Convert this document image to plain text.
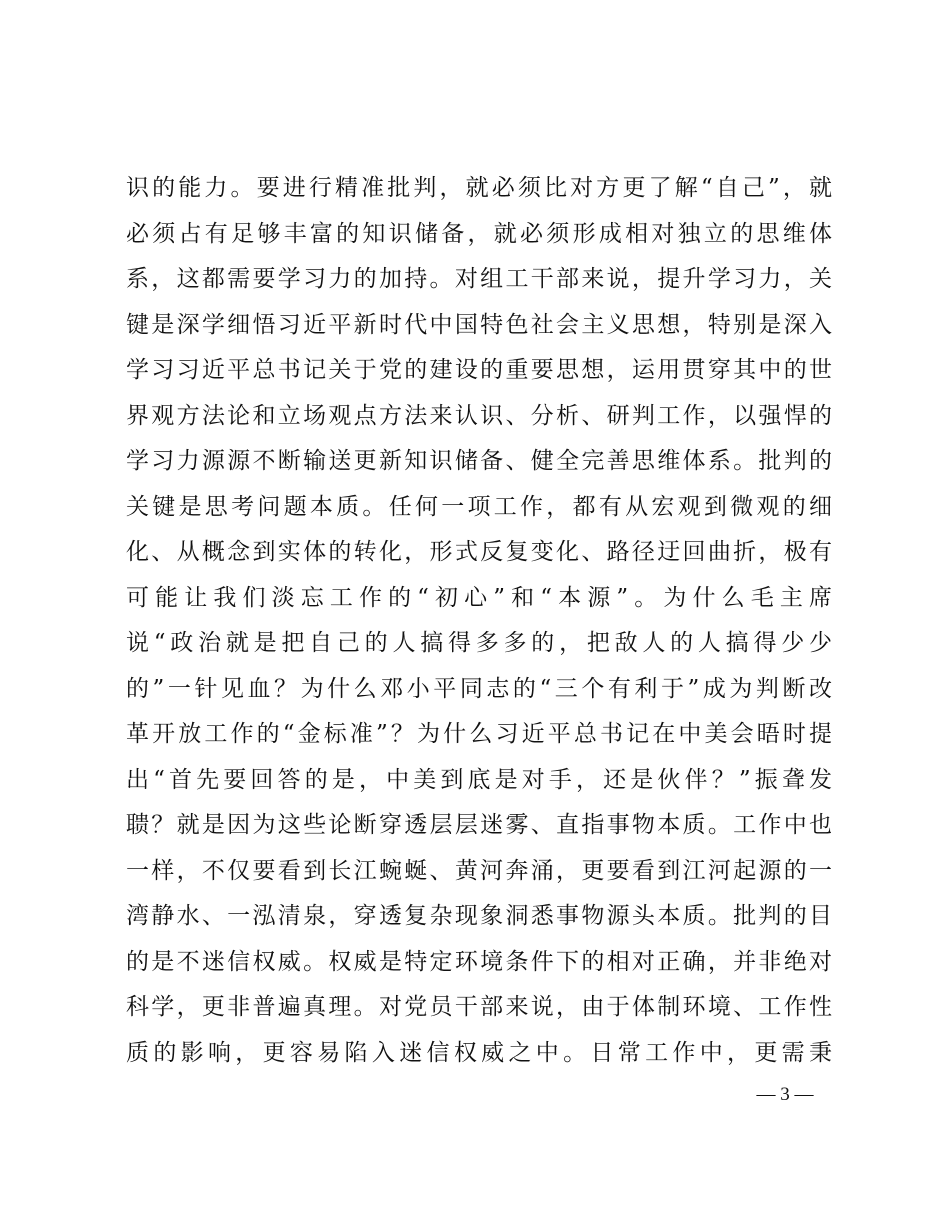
识的能力。要进行精准批判，就必须比对方更了解“自己”，就
必须占有足够丰富的知识储备，就必须形成相对独立的思维体
系，这都需要学习力的加持。对组工干部来说，提升学习力，关
键是深学细悟习近平新时代中国特色社会主义思想，特别是深入
学习习近平总书记关于党的建设的重要思想，运用贯穿其中的世
界观方法论和立场观点方法来认识、分析、研判工作，以强悍的
学习力源源不断输送更新知识储备、健全完善思维体系。批判的
关键是思考问题本质。任何一项工作，都有从宏观到微观的细
化、从概念到实体的转化，形式反复变化、路径迂回曲折，极有
可能让我们淡忘工作的“初心”和“本源”。为什么毛主席
说“政治就是把自己的人搞得多多的，把敌人的人搞得少少
的”一针见血？为什么邓小平同志的“三个有利于”成为判断改
革开放工作的“金标准”？为什么习近平总书记在中美会晤时提
出“首先要回答的是，中美到底是对手，还是伙伴？”振聋发
聩？就是因为这些论断穿透层层迷雾、直指事物本质。工作中也
一样，不仅要看到长江蜿蜒、黄河奔涌，更要看到江河起源的一
湾静水、一泓清泉，穿透复杂现象洞悉事物源头本质。批判的目
的是不迷信权威。权威是特定环境条件下的相对正确，并非绝对
科学，更非普遍真理。对党员干部来说，由于体制环境、工作性
质的影响，更容易陷入迷信权威之中。日常工作中，更需秉
— 3 —
